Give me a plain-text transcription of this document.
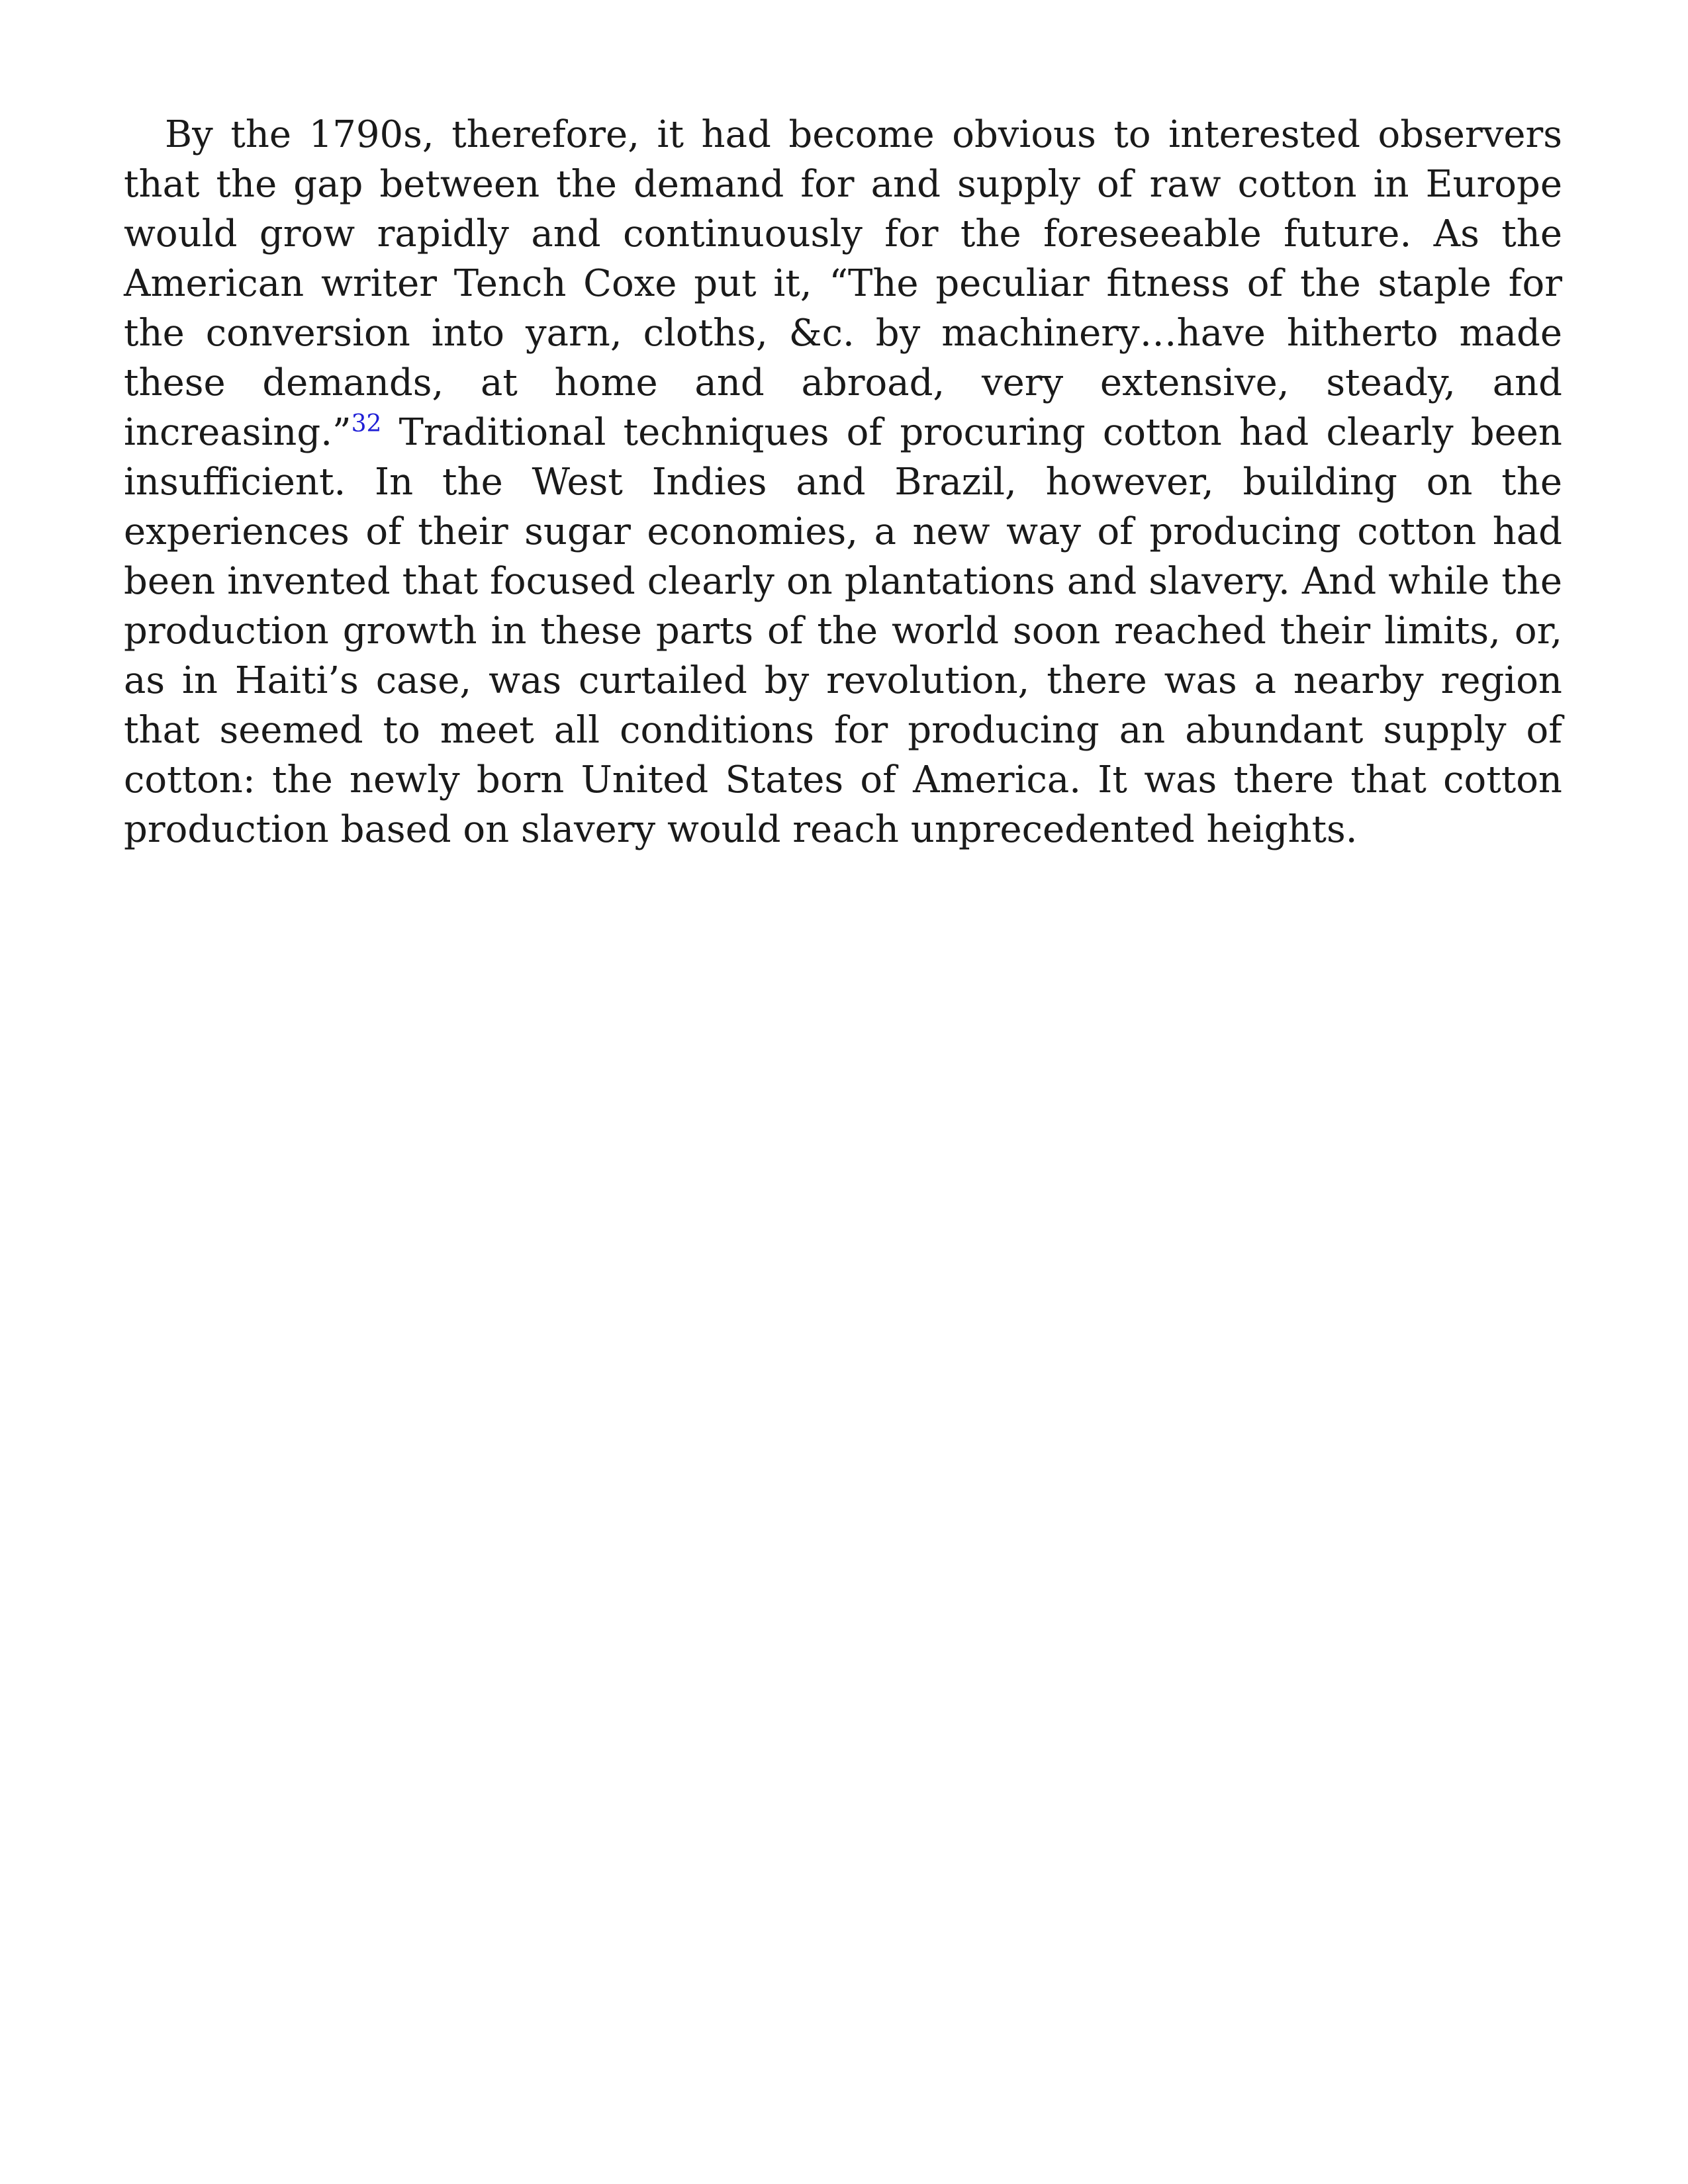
By the 1790s, therefore, it had become obvious to interested observers that the gap between the demand for and supply of raw cotton in Europe would grow rapidly and continuously for the foreseeable future. As the American writer Tench Coxe put it, “The peculiar fitness of the staple for the conversion into yarn, cloths, &c. by machinery…have hitherto made these demands, at home and abroad, very extensive, steady, and increasing.”$^{32}$ Traditional techniques of procuring cotton had clearly been insufficient. In the West Indies and Brazil, however, building on the experiences of their sugar economies, a new way of producing cotton had been invented that focused clearly on plantations and slavery. And while the production growth in these parts of the world soon reached their limits, or, as in Haiti’s case, was curtailed by revolution, there was a nearby region that seemed to meet all conditions for producing an abundant supply of cotton: the newly born United States of America. It was there that cotton production based on slavery would reach unprecedented heights.
